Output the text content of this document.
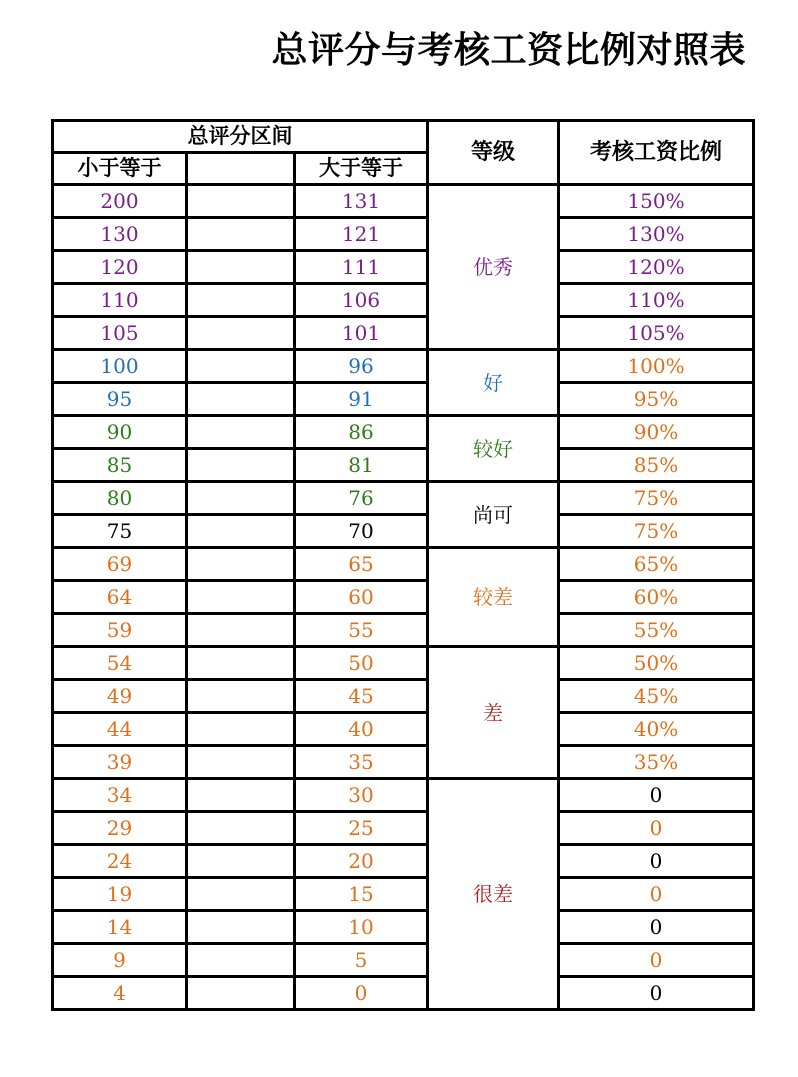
总评分与考核工资比例对照表
总评分区间			等级	考核工资比例
小于等于		大于等于		
200		131	优秀	150%
130		121		130%
120		111		120%
110		106		110%
105		101		105%
100		96	好	100%
95		91		95%
90		86	较好	90%
85		81		85%
80		76	尚可	75%
75		70		75%
69		65	较差	65%
64		60		60%
59		55		55%
54		50	差	50%
49		45		45%
44		40		40%
39		35		35%
34		30	很差	0
29		25		0
24		20		0
19		15		0
14		10		0
9		5		0
4		0		0
